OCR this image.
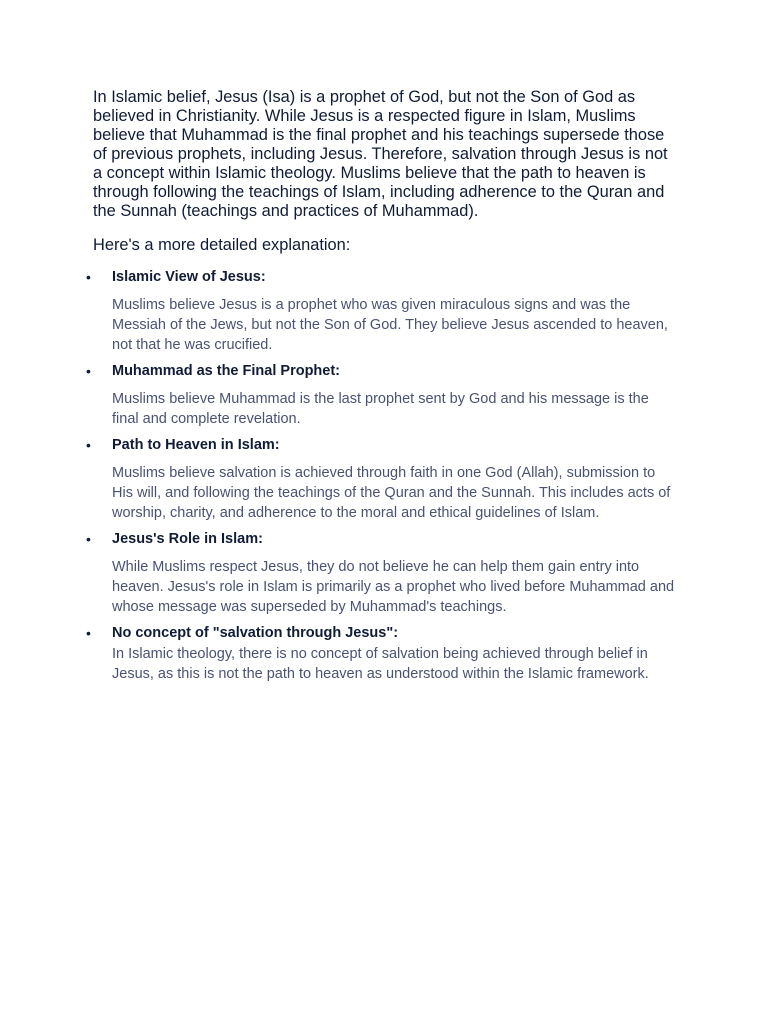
In Islamic belief, Jesus (Isa) is a prophet of God, but not the Son of God as believed in Christianity. While Jesus is a respected figure in Islam, Muslims believe that Muhammad is the final prophet and his teachings supersede those of previous prophets, including Jesus. Therefore, salvation through Jesus is not a concept within Islamic theology. Muslims believe that the path to heaven is through following the teachings of Islam, including adherence to the Quran and the Sunnah (teachings and practices of Muhammad).

Here's a more detailed explanation:

•	Islamic View of Jesus:

Muslims believe Jesus is a prophet who was given miraculous signs and was the Messiah of the Jews, but not the Son of God. They believe Jesus ascended to heaven, not that he was crucified.

•	Muhammad as the Final Prophet:

Muslims believe Muhammad is the last prophet sent by God and his message is the final and complete revelation.

•	Path to Heaven in Islam:

Muslims believe salvation is achieved through faith in one God (Allah), submission to His will, and following the teachings of the Quran and the Sunnah. This includes acts of worship, charity, and adherence to the moral and ethical guidelines of Islam.

•	Jesus's Role in Islam:

While Muslims respect Jesus, they do not believe he can help them gain entry into heaven. Jesus's role in Islam is primarily as a prophet who lived before Muhammad and whose message was superseded by Muhammad's teachings.

•	No concept of "salvation through Jesus":

In Islamic theology, there is no concept of salvation being achieved through belief in Jesus, as this is not the path to heaven as understood within the Islamic framework.
